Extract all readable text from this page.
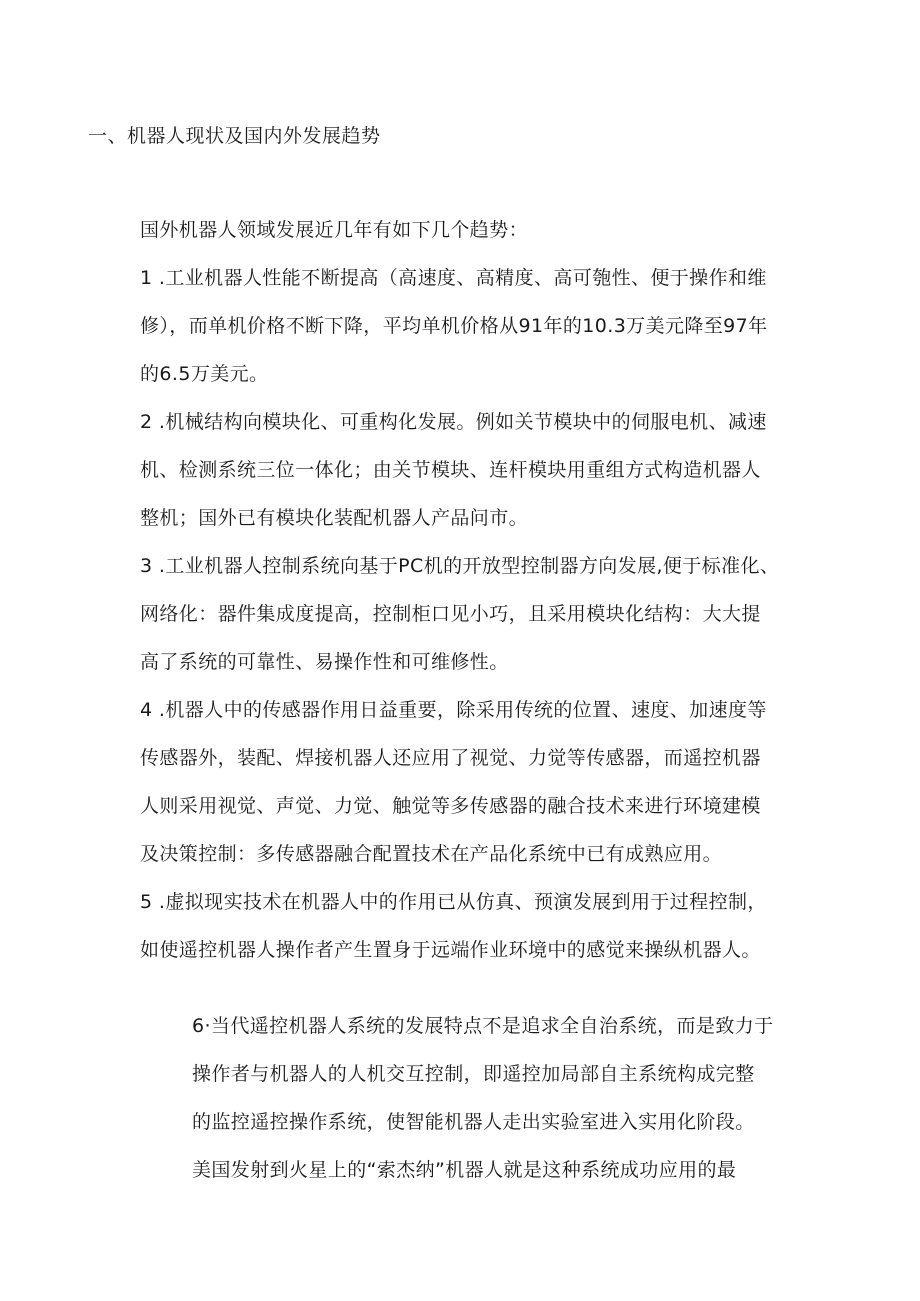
一、机器人现状及国内外发展趋势
国外机器人领域发展近几年有如下几个趋势：
1 .工业机器人性能不断提高（高速度、高精度、高可匏性、便于操作和维
修），而单机价格不断下降，平均单机价格从91年的10.3万美元降至97年
的6.5万美元。
2 .机械结构向模块化、可重构化发展。例如关节模块中的伺服电机、减速
机、检测系统三位一体化；由关节模块、连杆模块用重组方式构造机器人
整机；国外已有模块化装配机器人产品问市。
3 .工业机器人控制系统向基于PC机的开放型控制器方向发展,便于标准化、
网络化：器件集成度提高，控制柜口见小巧，且采用模块化结构：大大提
高了系统的可靠性、易操作性和可维修性。
4 .机器人中的传感器作用日益重要，除采用传统的位置、速度、加速度等
传感器外，装配、焊接机器人还应用了视觉、力觉等传感器，而遥控机器
人则采用视觉、声觉、力觉、触觉等多传感器的融合技术来进行环境建模
及决策控制：多传感器融合配置技术在产品化系统中已有成熟应用。
5 .虚拟现实技术在机器人中的作用已从仿真、预演发展到用于过程控制，
如使遥控机器人操作者产生置身于远端作业环境中的感觉来操纵机器人。
6·当代遥控机器人系统的发展特点不是追求全自治系统，而是致力于
操作者与机器人的人机交互控制，即遥控加局部自主系统构成完整
的监控遥控操作系统，使智能机器人走出实验室进入实用化阶段。
美国发射到火星上的“索杰纳”机器人就是这种系统成功应用的最
